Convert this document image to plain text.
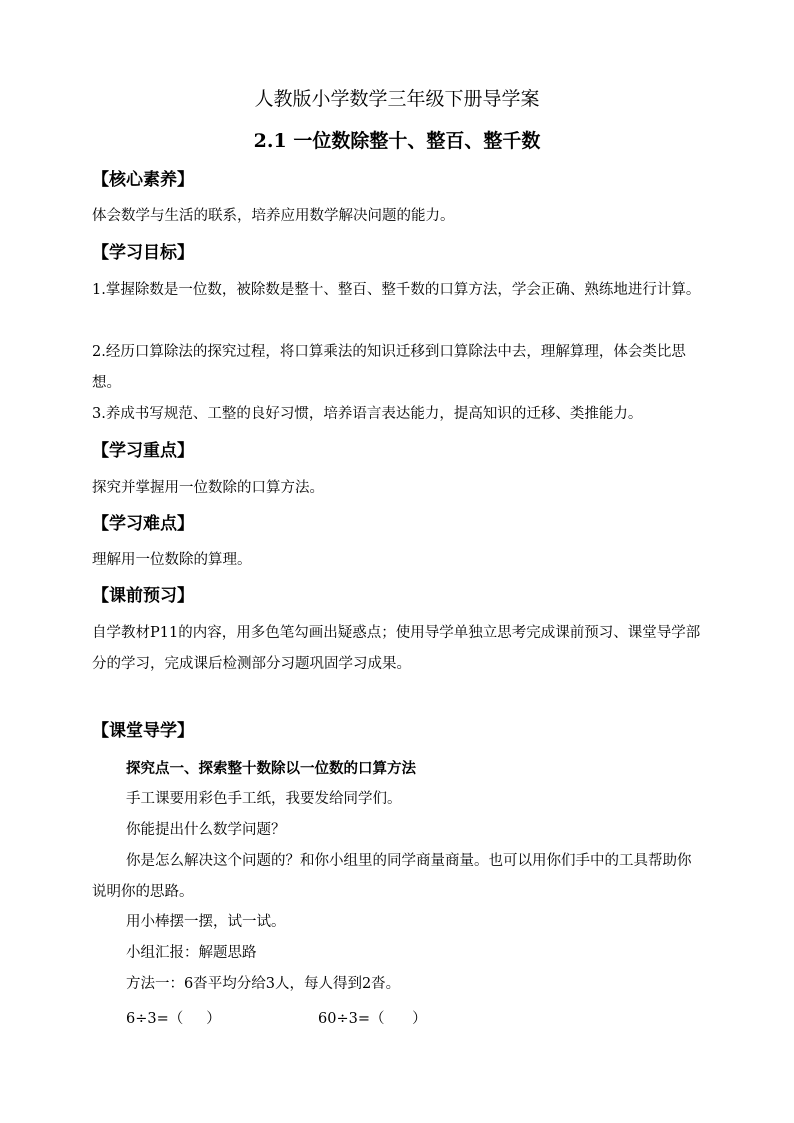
人教版小学数学三年级下册导学案
2.1 一位数除整十、整百、整千数
【核心素养】
体会数学与生活的联系，培养应用数学解决问题的能力。
【学习目标】
1.掌握除数是一位数，被除数是整十、整百、整千数的口算方法，学会正确、熟练地进行计算。
2.经历口算除法的探究过程，将口算乘法的知识迁移到口算除法中去，理解算理，体会类比思想。
3.养成书写规范、工整的良好习惯，培养语言表达能力，提高知识的迁移、类推能力。
【学习重点】
探究并掌握用一位数除的口算方法。
【学习难点】
理解用一位数除的算理。
【课前预习】
自学教材P11的内容，用多色笔勾画出疑惑点；使用导学单独立思考完成课前预习、课堂导学部分的学习，完成课后检测部分习题巩固学习成果。
【课堂导学】
探究点一、探索整十数除以一位数的口算方法
手工课要用彩色手工纸，我要发给同学们。
你能提出什么数学问题？
你是怎么解决这个问题的？和你小组里的同学商量商量。也可以用你们手中的工具帮助你说明你的思路。
用小棒摆一摆，试一试。
小组汇报：解题思路
方法一：6沓平均分给3人，每人得到2沓。
6÷3=（     ）	60÷3=（      ）
